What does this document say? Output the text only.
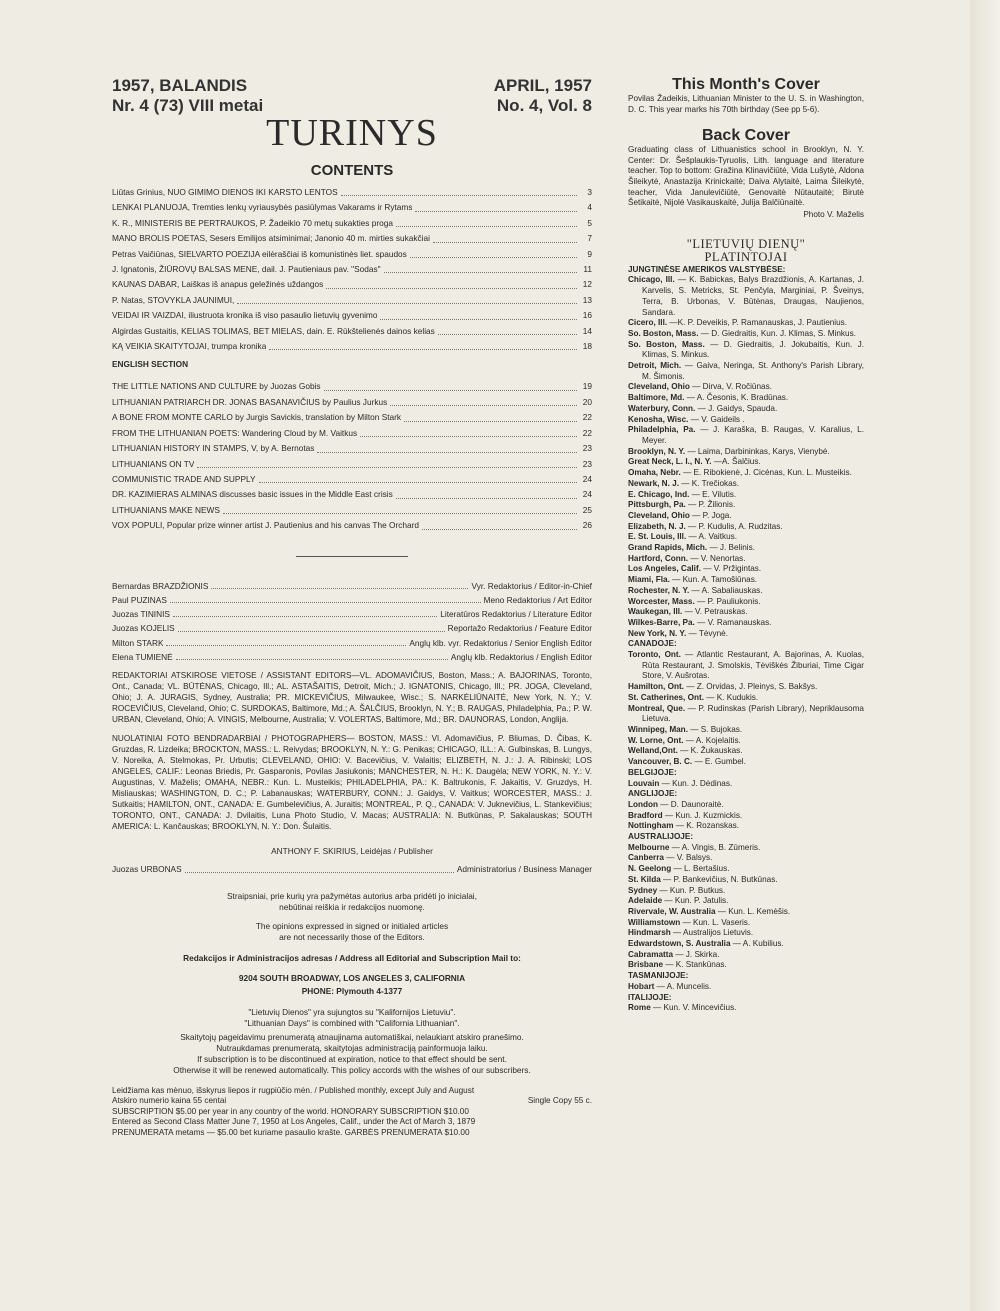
1957, BALANDIS
Nr. 4 (73) VIII metai
APRIL, 1957
No. 4, Vol. 8
TURINYS
CONTENTS
Liūtas Grinius, NUO GIMIMO DIENOS IKI KARSTO LENTOS	3
LENKAI PLANUOJA, Tremties lenkų vyriausybės pasiūlymas Vakarams ir Rytams	4
K. R., MINISTERIS BE PERTRAUKOS, P. Žadeikio 70 metų sukakties proga	5
MANO BROLIS POETAS, Sesers Emilijos atsiminimai; Janonio 40 m. mirties sukakčiai	7
Petras Vaičiūnas, SIELVARTO POEZIJA eilėraščiai iš komunistinės liet. spaudos	9
J. Ignatonis, ŽIŪROVŲ BALSAS MENE, dail. J. Pautieniaus pav. "Sodas"	11
KAUNAS DABAR, Laiškas iš anapus geležinės uždangos	12
P. Natas, STOVYKLA JAUNIMUI,	13
VEIDAI IR VAIZDAI, iliustruota kronika iš viso pasaulio lietuvių gyvenimo	16
Algirdas Gustaitis, KELIAS TOLIMAS, BET MIELAS, dain. E. Rūkštelienės dainos kelias	14
KĄ VEIKIA SKAITYTOJAI, trumpa kronika	18
ENGLISH SECTION
THE LITTLE NATIONS AND CULTURE by Juozas Gobis	19
LITHUANIAN PATRIARCH DR. JONAS BASANAVIČIUS by Paulius Jurkus	20
A BONE FROM MONTE CARLO by Jurgis Savickis, translation by Milton Stark	22
FROM THE LITHUANIAN POETS: Wandering Cloud by M. Vaitkus	22
LITHUANIAN HISTORY IN STAMPS, V, by A. Bernotas	23
LITHUANIANS ON TV	23
COMMUNISTIC TRADE AND SUPPLY	24
DR. KAZIMIERAS ALMINAS discusses basic issues in the Middle East crisis	24
LITHUANIANS MAKE NEWS	25
VOX POPULI, Popular prize winner artist J. Pautienius and his canvas The Orchard	26
Bernardas BRAZDŽIONIS	Vyr. Redaktorius / Editor-in-Chief
Paul PUZINAS	Meno Redaktorius / Art Editor
Juozas TININIS	Literatūros Redaktorius / Literature Editor
Juozas KOJELIS	Reportažo Redaktorius / Feature Editor
Milton STARK	Anglų klb. vyr. Redaktorius / Senior English Editor
Elena TUMIENĖ	Anglų klb. Redaktorius / English Editor
REDAKTORIAI ATSKIROSE VIETOSE / ASSISTANT EDITORS—VL. ADOMAVIČIUS, Boston, Mass.; A. BAJORINAS, Toronto, Ont., Canada; VL. BŪTĖNAS, Chicago, Ill.; AL. ASTAŠAITIS, Detroit, Mich.; J. IGNATONIS, Chicago, Ill.; PR. JOGA, Cleveland, Ohio; J. A. JURAGIS, Sydney, Australia; PR. MICKEVIČIUS, Milwaukee, Wisc.; S. NARKĖLIŪNAITĖ, New York, N. Y.; V. ROCEVIČIUS, Cleveland, Ohio; C. SURDOKAS, Baltimore, Md.; A. ŠALČIUS, Brooklyn, N. Y.; B. RAUGAS, Philadelphia, Pa.; P. W. URBAN, Cleveland, Ohio; A. VINGIS, Melbourne, Australia; V. VOLERTAS, Baltimore, Md.; BR. DAUNORAS, London, Anglija.
NUOLATINIAI FOTO BENDRADARBIAI / PHOTOGRAPHERS— BOSTON, MASS.: Vl. Adomavičius, P. Bliumas, D. Čibas, K. Gruzdas, R. Lizdeika; BROCKTON, MASS.: L. Reivydas; BROOKLYN, N. Y.: G. Penikas; CHICAGO, ILL.: A. Gulbinskas, B. Lungys, V. Noreika, A. Stelmokas, Pr. Urbutis; CLEVELAND, OHIO: V. Bacevičius, V. Valaitis; ELIZBETH, N. J.: J. A. Ribinski; LOS ANGELES, CALIF.: Leonas Briedis, Pr. Gasparonis, Povilas Jasiukonis; MANCHESTER, N. H.: K. Daugėla; NEW YORK, N. Y.: V. Augustinas, V. Maželis; OMAHA, NEBR.: Kun. L. Musteikis; PHILADELPHIA, PA.: K. Baltrukonis, F. Jakaitis, V. Gruzdys, H. Misliauskas; WASHINGTON, D. C.; P. Labanauskas; WATERBURY, CONN.: J. Gaidys, V. Vaitkus; WORCESTER, MASS.: J. Sutkaitis; HAMILTON, ONT., CANADA: E. Gumbelevičius, A. Juraitis; MONTREAL, P. Q., CANADA: V. Juknevičius, L. Stankevičius; TORONTO, ONT., CANADA: J. Dvilaitis, Luna Photo Studio, V. Macas; AUSTRALIA: N. Butkūnas, P. Sakalauskas; SOUTH AMERICA: L. Kančauskas; BROOKLYN, N. Y.: Don. Šulaitis.
ANTHONY F. SKIRIUS, Leidėjas / Publisher
Juozas URBONAS	Administratorius / Business Manager
Straipsniai, prie kurių yra pažymėtas autorius arba pridėti jo inicialai,
nebūtinai reiškia ir redakcijos nuomonę.
The opinions expressed in signed or initialed articles
are not necessarily those of the Editors.
Redakcijos ir Administracijos adresas / Address all Editorial and Subscription Mail to:
9204 SOUTH BROADWAY, LOS ANGELES 3, CALIFORNIA
PHONE: Plymouth 4-1377
"Lietuvių Dienos" yra sujungtos su "Kalifornijos Lietuviu".
"Lithuanian Days" is combined with "California Lithuanian".
Skaitytojų pageidavimu prenumeratą atnaujinama automatiškai, nelaukiant atskiro pranešimo.
Nutraukdamas prenumeratą, skaitytojas administraciją painformuoja laiku.
If subscription is to be discontinued at expiration, notice to that effect should be sent.
Otherwise it will be renewed automatically. This policy accords with the wishes of our subscribers.
Leidžiama kas mėnuo, išskyrus liepos ir rugpiūčio mėn. / Published monthly, except July and August
Atskiro numerio kaina 55 centai	Single Copy 55 c.
SUBSCRIPTION $5.00 per year in any country of the world. HONORARY SUBSCRIPTION $10.00
Entered as Second Class Matter June 7, 1950 at Los Angeles, Calif., under the Act of March 3, 1879
PRENUMERATA metams — $5.00 bet kuriame pasaulio krašte. GARBĖS PRENUMERATA $10.00
This Month's Cover
Povilas Žadeikis, Lithuanian Minister to the U. S. in Washington, D. C. This year marks his 70th birthday (See pp 5-6).
Back Cover
Graduating class of Lithuanistics school in Brooklyn, N. Y. Center: Dr. Šešplaukis-Tyruolis, Lith. language and literature teacher. Top to bottom: Gražina Klinavičiūtė, Vida Lušytė, Aldona Šileikytė, Anastazija Krinickaitė; Daiva Alytaitė, Laima Šileikytė, teacher, Vida Janulevičiūtė, Genovaitė Nūtautaitė; Birutė Šetikaitė, Nijolė Vasikauskaitė, Julija Balčiūnaitė.
Photo V. Maželis
"LIETUVIŲ DIENŲ"
PLATINTOJAI
JUNGTINĖSE AMERIKOS VALSTYBĖSE:
Chicago, Ill. — K. Babickas, Balys Brazdžionis, A. Kartanas, J. Karvelis, S. Metricks, St. Penčyla, Marginiai, P. Šveinys, Terra, B. Urbonas, V. Būtėnas, Draugas, Naujienos, Sandara.
Cicero, Ill. —K. P. Deveikis, P. Ramanauskas, J. Pautienius.
So. Boston, Mass. — D. Giedraitis, Kun. J. Klimas, S. Minkus.
So. Boston, Mass. — D. Giedraitis, J. Jokubaitis, Kun. J. Klimas, S. Minkus.
Detroit, Mich. — Gaiva, Neringa, St. Anthony's Parish Library, M. Šimonis.
Cleveland, Ohio — Dirva, V. Ročiūnas.
Baltimore, Md. — A. Česonis, K. Bradūnas.
Waterbury, Conn. — J. Gaidys, Spauda.
Kenosha, Wisc. — V. Gaideils .
Philadelphia, Pa. — J. Karaška, B. Raugas, V. Karalius, L. Meyer.
Brooklyn, N. Y. — Laima, Darbininkas, Karys, Vienybė.
Great Neck, L. I., N. Y. —A. Šalčius.
Omaha, Nebr. — E. Ribokienė, J. Cicėnas, Kun. L. Musteikis.
Newark, N. J. — K. Trečiokas.
E. Chicago, Ind. — E. Vilutis.
Pittsburgh, Pa. — P. Žilionis.
Cleveland, Ohio — P. Joga.
Elizabeth, N. J. — P. Kudulis, A. Rudzitas.
E. St. Louis, Ill. — A. Vaitkus.
Grand Rapids, Mich. — J. Belinis.
Hartford, Conn. — V. Nenortas.
Los Angeles, Calif. — V. Pržigintas.
Miami, Fla. — Kun. A. Tamošiūnas.
Rochester, N. Y. — A. Sabaliauskas.
Worcester, Mass. — P. Pauliukonis.
Waukegan, Ill. — V. Petrauskas.
Wilkes-Barre, Pa. — V. Ramanauskas.
New York, N. Y. — Tėvynė.
CANADOJE:
Toronto, Ont. — Atlantic Restaurant, A. Bajorinas, A. Kuolas, Rūta Restaurant, J. Smolskis, Tėviškės Žiburiai, Time Cigar Store, V. Aušrotas.
Hamilton, Ont. — Z. Orvidas, J. Pleinys, S. Bakšys.
St. Catherines, Ont. — K. Kudukis.
Montreal, Que. — P. Rudinskas (Parish Library), Nepriklausoma Lietuva.
Winnipeg, Man. — S. Bujokas.
W. Lorne, Ont. — A. Kojelaitis.
Welland,Ont. — K. Žukauskas.
Vancouver, B. C. — E. Gumbel.
BELGIJOJE:
Louvain — Kun. J. Dėdinas.
ANGLIJOJE:
London — D. Daunoraitė.
Bradford — Kun. J. Kuzmickis.
Nottingham — K. Rozanskas.
AUSTRALIJOJE:
Melbourne — A. Vingis, B. Zūmeris.
Canberra — V. Balsys.
N. Geelong — L. Bertašius.
St. Kilda — P. Bankevičius, N. Butkūnas.
Sydney — Kun. P. Butkus.
Adelaide — Kun. P. Jatulis.
Rivervale, W. Australia — Kun. L. Kemėšis.
Williamstown — Kun. L. Vaseris.
Hindmarsh — Australijos Lietuvis.
Edwardstown, S. Australia — A. Kubilius.
Cabramatta — J. Skirka.
Brisbane — K. Stankūnas.
TASMANIJOJE:
Hobart — A. Muncelis.
ITALIJOJE:
Rome — Kun. V. Mincevičius.
